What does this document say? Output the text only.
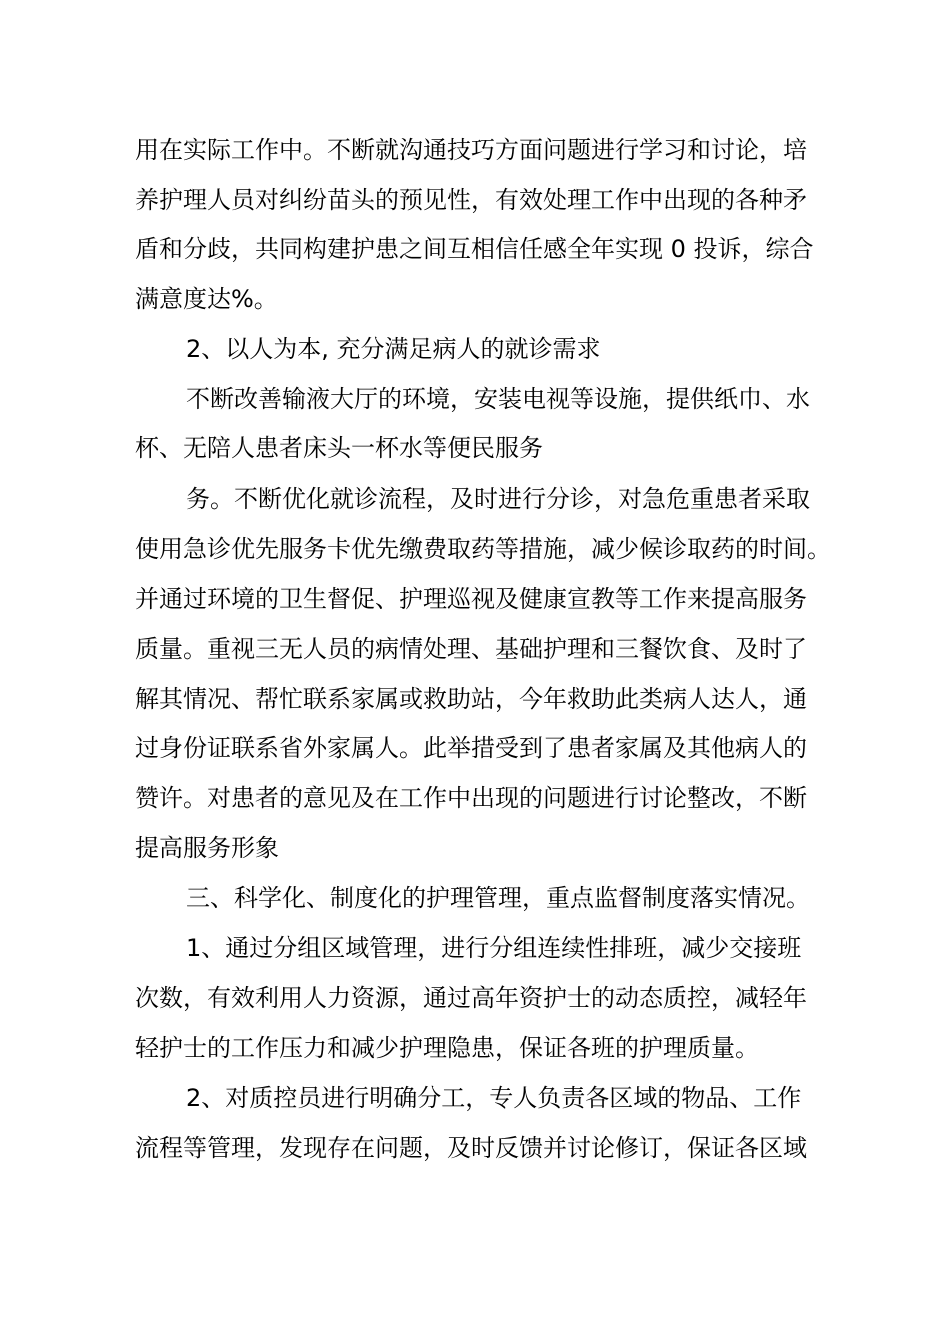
用在实际工作中。不断就沟通技巧方面问题进行学习和讨论，培
养护理人员对纠纷苗头的预见性，有效处理工作中出现的各种矛
盾和分歧，共同构建护患之间互相信任感全年实现 0 投诉，综合
满意度达%。
2、以人为本, 充分满足病人的就诊需求
不断改善输液大厅的环境，安装电视等设施，提供纸巾、水
杯、无陪人患者床头一杯水等便民服务
务。不断优化就诊流程，及时进行分诊，对急危重患者采取
使用急诊优先服务卡优先缴费取药等措施，减少候诊取药的时间。
并通过环境的卫生督促、护理巡视及健康宣教等工作来提高服务
质量。重视三无人员的病情处理、基础护理和三餐饮食、及时了
解其情况、帮忙联系家属或救助站，今年救助此类病人达人，通
过身份证联系省外家属人。此举措受到了患者家属及其他病人的
赞许。对患者的意见及在工作中出现的问题进行讨论整改，不断
提高服务形象
三、科学化、制度化的护理管理，重点监督制度落实情况。
1、通过分组区域管理，进行分组连续性排班，减少交接班
次数，有效利用人力资源，通过高年资护士的动态质控，减轻年
轻护士的工作压力和减少护理隐患，保证各班的护理质量。
2、对质控员进行明确分工，专人负责各区域的物品、工作
流程等管理，发现存在问题，及时反馈并讨论修订，保证各区域
